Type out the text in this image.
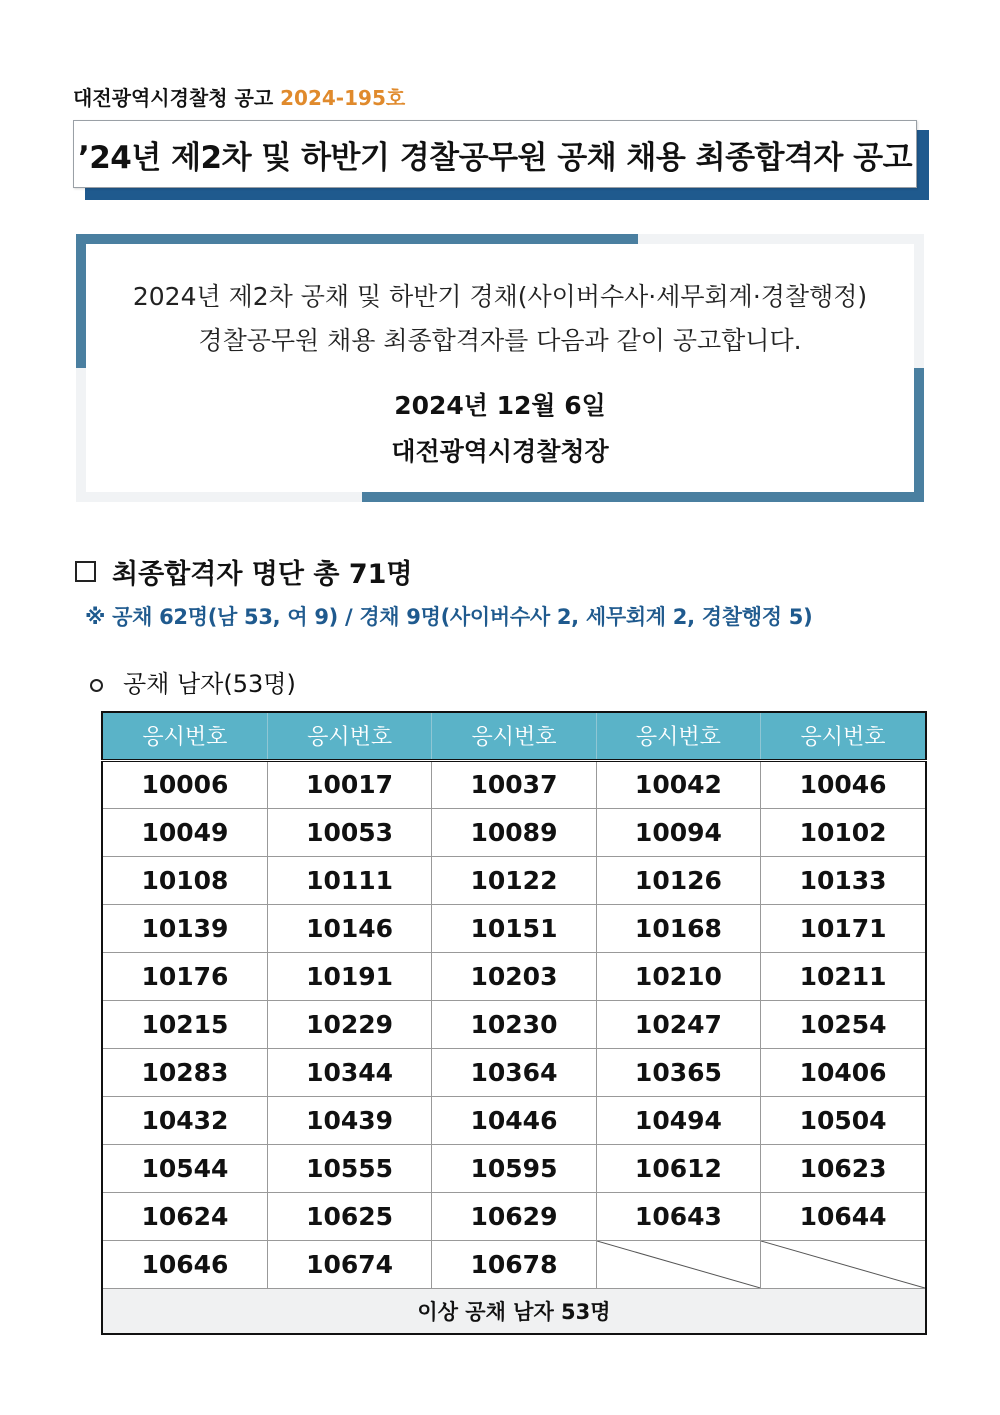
대전광역시경찰청 공고 2024-195호
’24년 제2차 및 하반기 경찰공무원 공채 채용 최종합격자 공고
2024년 제2차 공채 및 하반기 경채(사이버수사·세무회계·경찰행정)
경찰공무원 채용 최종합격자를 다음과 같이 공고합니다.
2024년 12월 6일
대전광역시경찰청장
최종합격자 명단 총 71명
※ 공채 62명(남 53, 여 9) / 경채 9명(사이버수사 2, 세무회계 2, 경찰행정 5)
공채 남자(53명)
응시번호	응시번호	응시번호	응시번호	응시번호
10006	10017	10037	10042	10046
10049	10053	10089	10094	10102
10108	10111	10122	10126	10133
10139	10146	10151	10168	10171
10176	10191	10203	10210	10211
10215	10229	10230	10247	10254
10283	10344	10364	10365	10406
10432	10439	10446	10494	10504
10544	10555	10595	10612	10623
10624	10625	10629	10643	10644
10646	10674	10678	

이상 공채 남자 53명				
